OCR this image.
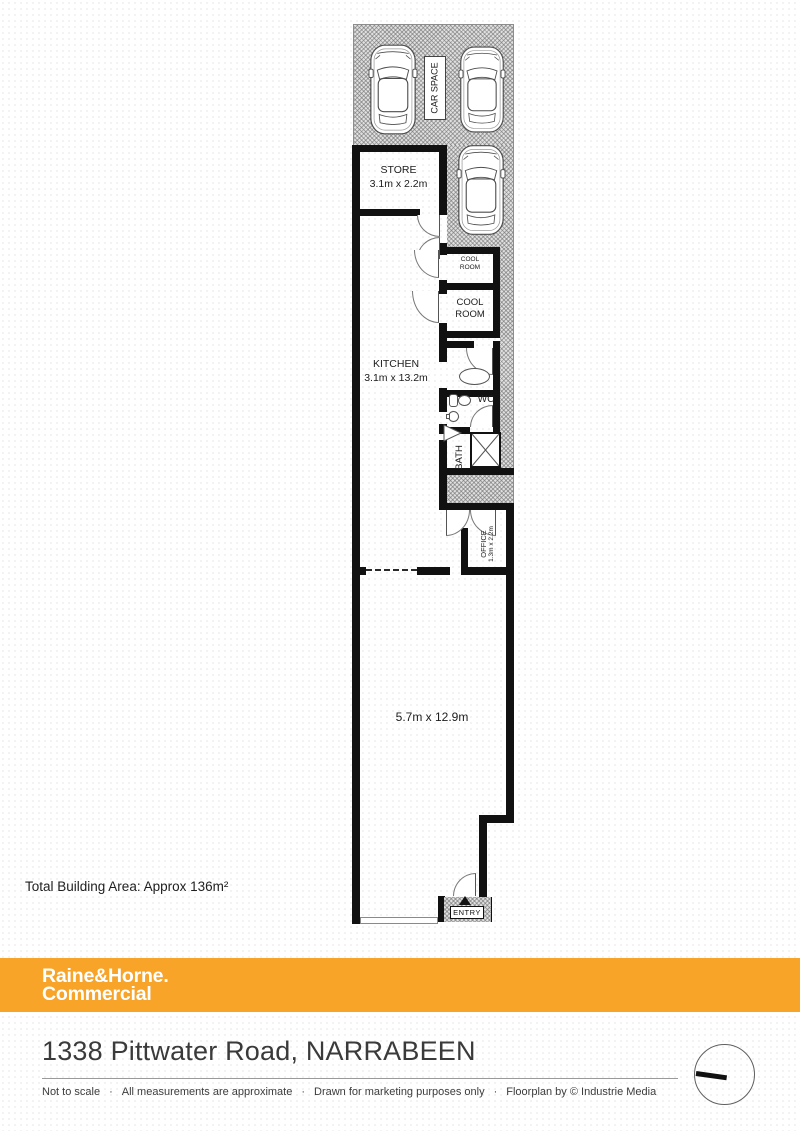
CAR SPACE
STORE
3.1m x 2.2m
COOL
ROOM
COOL
ROOM
KITCHEN
3.1m x 13.2m
WC
BATH
OFFICE 1.3m x 2.2m
5.7m x 12.9m
ENTRY
Total Building Area: Approx 136m²
Raine&Horne.
Commercial
1338 Pittwater Road, NARRABEEN
Not to scale · All measurements are approximate · Drawn for marketing purposes only · Floorplan by © Industrie Media
